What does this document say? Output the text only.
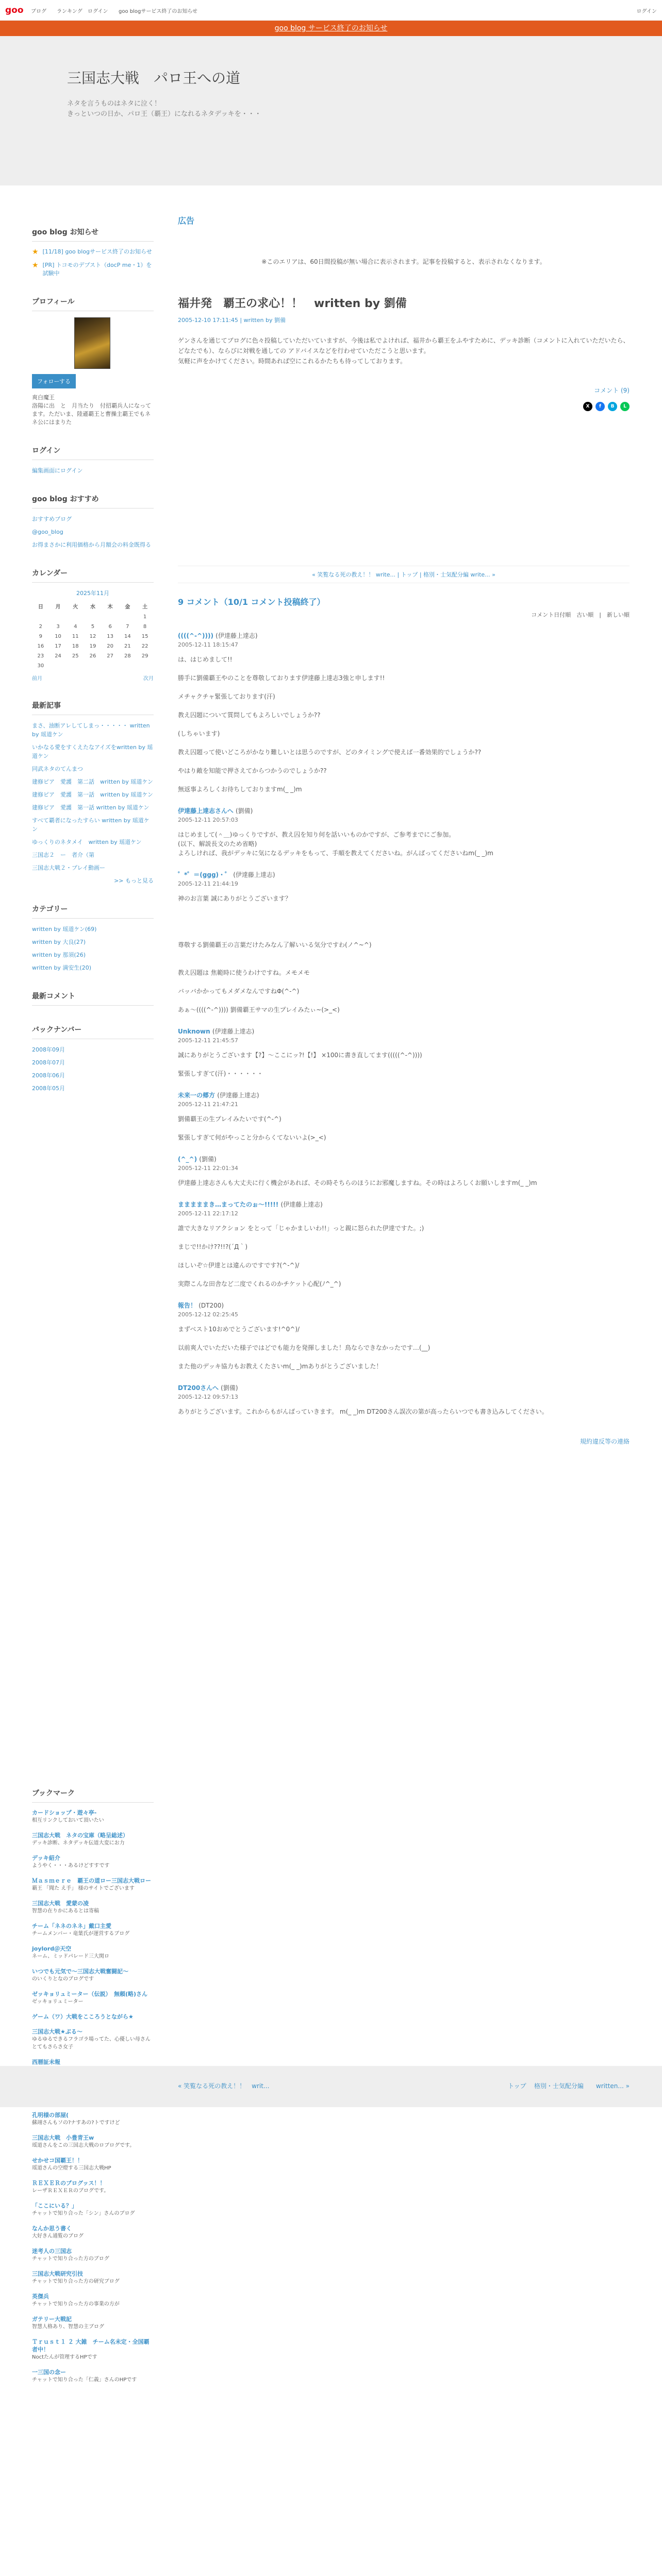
goo ブログ ランキング ログイン goo blogサービス終了のお知らせ	ログイン
goo blog サービス終了のお知らせ
三国志大戦　パロ王への道
ネタを言うものはネタに泣く！
きっといつの日か、パロ王（覇王）になれるネタデッキを・・・
goo blog お知らせ
★ [11/18] goo blogサービス終了のお知らせ
★ [PR] トコモのデプスト（docP me・1）を試験中
プロフィール
フォローする
爽白魔王
洛陽に出　と　月当たり　付招覇兵人になってます。ただいま、陸遜覇王と曹操主覇王でもネネ公にはまりた
ログイン
編集画面にログイン
goo blog おすすめ
おすすめブログ
@goo_blog
お得まさかに利用価格から月額会の料金既得る
カレンダー
2025年11月
日	月	火	水	木	金	土
						1
2	3	4	5	6	7	8
9	10	11	12	13	14	15
16	17	18	19	20	21	22
23	24	25	26	27	28	29
30						
前月	次月
最新記事
まさ、油断アレしてしまっ・・・・・ written by 瑶道ケン
いかなる愛をすくえたなアイズをwritten by 瑶道ケン
同武ネタのてんまつ
建修ピア　愛護　第二話　written by 瑶道ケン
建修ピア　愛護　第一話　written by 瑶道ケン
建修ピア　愛護　第一話 written by 瑶道ケン
すべて覇者になったすらい written by 瑶道ケン
ゆっくりのネタメイ　written by 瑶道ケン
三国志２　ー　者介（第
三国志大戦２・プレイ動画ー
>> もっと見る
カテゴリー
written by 瑶道ケン(69)
written by 大良(27)
written by 那須(26)
written by 満安生(20)
最新コメント
バックナンバー
2008年09月
2008年07月
2008年06月
2008年05月
ブックマーク
カードショップ・遊々亭-
相互リンクしておいて頂いたい
三国志大戦　ネタの宝庫（略呈総述）
デッキ診断、ネタデッキ伝道大変にお力
デッキ紹介
ようやく・・・あるけどすすです
Ｍａｓｍｅｒｅ　覇王の道ロー三国志大戦ロー
覇王 「聞た え手」 様のサイトでございます
三国志大戦　愛蒙の凌
智慧の在りかにあるとは寄稿
チーム「ネネのネネ」戴口主愛
チームメンバー・竜葉氏が運営するブログ
joylord＠天空
ネーム、ミッドパレード三大関ロ
いつでも元気で～三国志大戦奮闘記～
のいくりとなのブログです
ゼッキョリュミーター（伝説）　無頼(略)さん
ゼッキョリュミーター
ゲーム（ワ）大戦をこころうとながら★
三国志大戦★ぶる～
ゆるゆるできるフラゴラ場ってた、心優しい母さんとてもさらさ女子
西暦証未報
孔明様の部屋(
蘇翊さんもソの?ナすあの?トですけど
三国志大戦　小豊青王w
瑶道さんをこの三国志大戦のロブログです。
せかせコ国覇王！！
瑶道さんの空燈する三国志大戦HP
ＲＥＸＥＲのブログッス！！
レーザＲＥＸＥＲのブログです。
「ここにいる？」
チャットで知り合った「シン」さんのブログ
なんか思う書く
大好きん通覧のブログ
迷考人の三国志
チャットで知り合った方のブログ
三国志大戦研究引技
チャットで知り合った方の研究ブログ
英傑兵
チャットで知り合った方の事業の方が
ガテリー大戦記
智慧人格あり、智慧の主ブログ
Ｔｒｕｓｔ１ ２ 大雑　チーム名未定・全国覇者中！
Noctたんが管理するHPです
一三国の念ー
チャットで知り合った「仁義」さんのHPです
広告
※このエリアは、60日間投稿が無い場合に表示されます。記事を投稿すると、表示されなくなります。
福井発　覇王の求心！！　written by 劉備
2005-12-10 17:11:45 | written by 劉備
ゲンさんを通じてブログに色々投稿していただいていますが、今後は私でよければ、福井から覇王をふやすために、デッキ診断（コメントに入れていただいたら、どなたでも）、ならびに対戦を通しての アドバイスなどを行わせていただこうと思います。
気軽に声をかけてください。時間あれば空にこれるかたちも待ってしております。
コメント (9)
X	f	B	L
« 笑覧なる死の教え！！ write... | トップ | 格別・士気配分編 write... »
9 コメント（10/1 コメント投稿終了）
コメント日付順　古い順　|　新しい順
((((^-^)))) (伊達藤上達志)
2005-12-11 18:15:47
は、はじめまして!!

勝手に劉備覇王やのことを尊敬しております伊達藤上達志3強と申します!!

メチャクチャ緊張しております(汗)

教え囚題について質問してもよろしいでしょうか??

(しちゃいます)

教え囚題って使いどころがかなり難しいとは思うのですが、どのタイミングで使えば一番効果的でしょうか??

やはり敵を知能で押さえてからつかうのでしょうか??

無返事よろしくお待ちしておりますm(_ _)m
伊達藤上達志さんへ (劉備)
2005-12-11 20:57:03
はじめまして(＾＿)ゆっくりですが、教え囚を知り何を話いいものかですが、ご参考までにご参加。
(以下、解説長文のため省略)
よろしければ、我がデッキに気になるデッキをもって、手順を教えてくださいね。がんばってくださいねm(_ _)m
゜*゜＝(ggg)・゜ (伊達藤上達志)
2005-12-11 21:44:19
神のお言葉 誠にありがとうございます？

尊敬する劉備覇王の言葉だけたみなん了解いいる気分ですわ(ノ^~^)

教え囚題は 焦範時に使うわけですね。メモメモ

バッバかかってもメダメなんですねΦ(^-^)

あぁ～((((^-^)))) 劉備覇王サマの生プレイみたぃ~(>_<)
Unknown (伊達藤上達志)
2005-12-11 21:45:57
誠にありがとうございます【?】～ここにッ?!【!】 ×100に書き直してます(((((^-^))))

緊張しすぎて(汗)・・・・・・
未来一の郷方 (伊達藤上達志)
2005-12-11 21:47:21
劉備覇王の生プレイみたいです(^-^)

緊張しすぎて何がやっこと分からくてないいよ(>_<)
(^_^) (劉備)
2005-12-11 22:01:34
伊達藤上達志さんも大丈夫に行く機会があれば、その時そちらのほうにお邪魔しますね。その時はよろしくお願いしますm(_ _)m
まままままき…まってたのぉ～!!!!! (伊達藤上達志)
2005-12-11 22:17:12
誰で大きなリアクション をとって「じゃかましいわ!!」っと親に怒られた伊達ですた。;)

まじで!!かけ??!!?(´Д｀)

ほしいぞ☆伊達とは違んのですです?(^-^)/

実際こんな田舎など二度でくれるのかチケット心配(ﾉ^_^)
報告！ (DT200)
2005-12-12 02:25:45
まずベスト10おめでとうございます!^0^)/

以前爽人でいただいた様子ではどでも能力を発揮しました！鳥ならできなかったです…(__)

また他のデッキ協力もお教えくたさいm(_ _)mありがとうございました！
DT200さんへ (劉備)
2005-12-12 09:57:13
ありがとうございます。これからもがんばっていきます。 m(_ _)m DT200さん誤次の第が高ったらいつでも書き込みしてください。
規約違反等の連絡
« 笑覧なる死の教え！！　writ...	トップ 格別・士気配分編　　written... »
